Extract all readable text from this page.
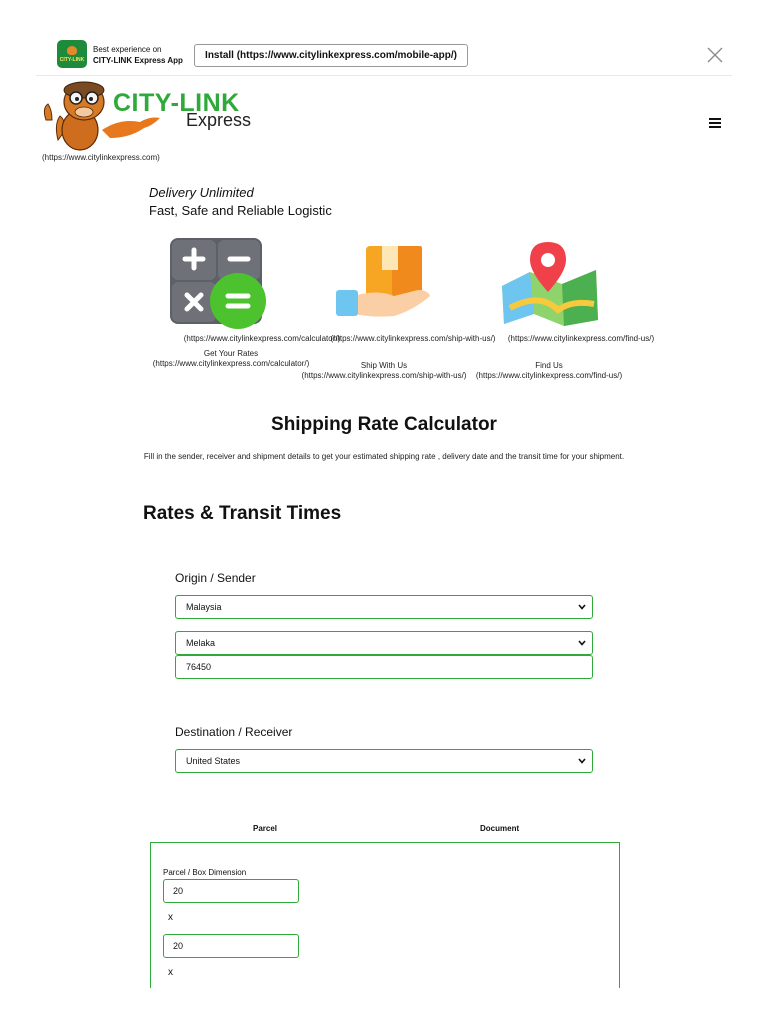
CITY-LINK
Best experience on
CITY-LINK Express App	Install (https://www.citylinkexpress.com/mobile-app/)
CITY-LINK
Express
(https://www.citylinkexpress.com)
Delivery Unlimited
Fast, Safe and Reliable Logistic
(https://www.citylinkexpress.com/calculator/)
Get Your Rates
(https://www.citylinkexpress.com/calculator/)
(https://www.citylinkexpress.com/ship-with-us/)
Ship With Us
(https://www.citylinkexpress.com/ship-with-us/)
(https://www.citylinkexpress.com/find-us/)
Find Us
(https://www.citylinkexpress.com/find-us/)
Shipping Rate Calculator
Fill in the sender, receiver and shipment details to get your estimated shipping rate , delivery date and the transit time for your shipment.
Rates & Transit Times
Origin / Sender
Malaysia
Melaka
76450
Destination / Receiver
United States
Parcel	Document
Parcel / Box Dimension
20
x
20
x
